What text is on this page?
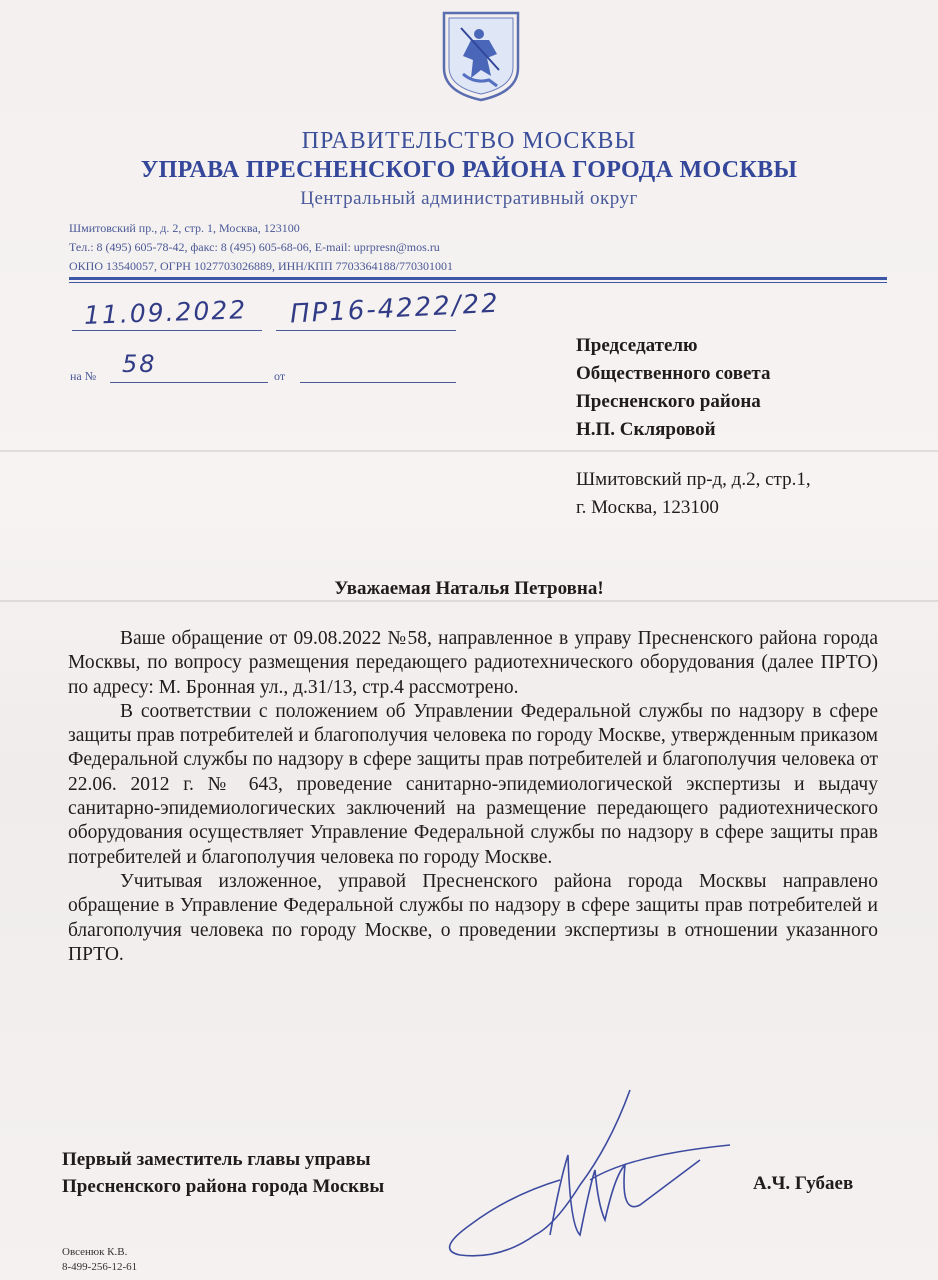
ПРАВИТЕЛЬСТВО МОСКВЫ
УПРАВА ПРЕСНЕНСКОГО РАЙОНА ГОРОДА МОСКВЫ
Центральный административный округ
Шмитовский пр., д. 2, стр. 1, Москва, 123100
Тел.: 8 (495) 605-78-42, факс: 8 (495) 605-68-06, E-mail: uprpresn@mos.ru
ОКПО 13540057, ОГРН 1027703026889, ИНН/КПП 7703364188/770301001
11.09.2022 ПР16-4222/22
на № 58	от
Председателю
Общественного совета
Пресненского района
Н.П. Скляровой
Шмитовский пр-д, д.2, стр.1,
г. Москва, 123100
Уважаемая Наталья Петровна!

Ваше обращение от 09.08.2022 №58, направленное в управу Пресненского района города Москвы, по вопросу размещения передающего радиотехнического оборудования (далее ПРТО) по адресу: М. Бронная ул., д.31/13, стр.4 рассмотрено.

В соответствии с положением об Управлении Федеральной службы по надзору в сфере защиты прав потребителей и благополучия человека по городу Москве, утвержденным приказом Федеральной службы по надзору в сфере защиты прав потребителей и благополучия человека от 22.06. 2012 г. № 643, проведение санитарно-эпидемиологической экспертизы и выдачу санитарно-эпидемиологических заключений на размещение передающего радиотехнического оборудования осуществляет Управление Федеральной службы по надзору в сфере защиты прав потребителей и благополучия человека по городу Москве.

Учитывая изложенное, управой Пресненского района города Москвы направлено обращение в Управление Федеральной службы по надзору в сфере защиты прав потребителей и благополучия человека по городу Москве, о проведении экспертизы в отношении указанного ПРТО.

Первый заместитель главы управы
Пресненского района города Москвы	А.Ч. Губаев
Овсенюк К.В.
8-499-256-12-61
